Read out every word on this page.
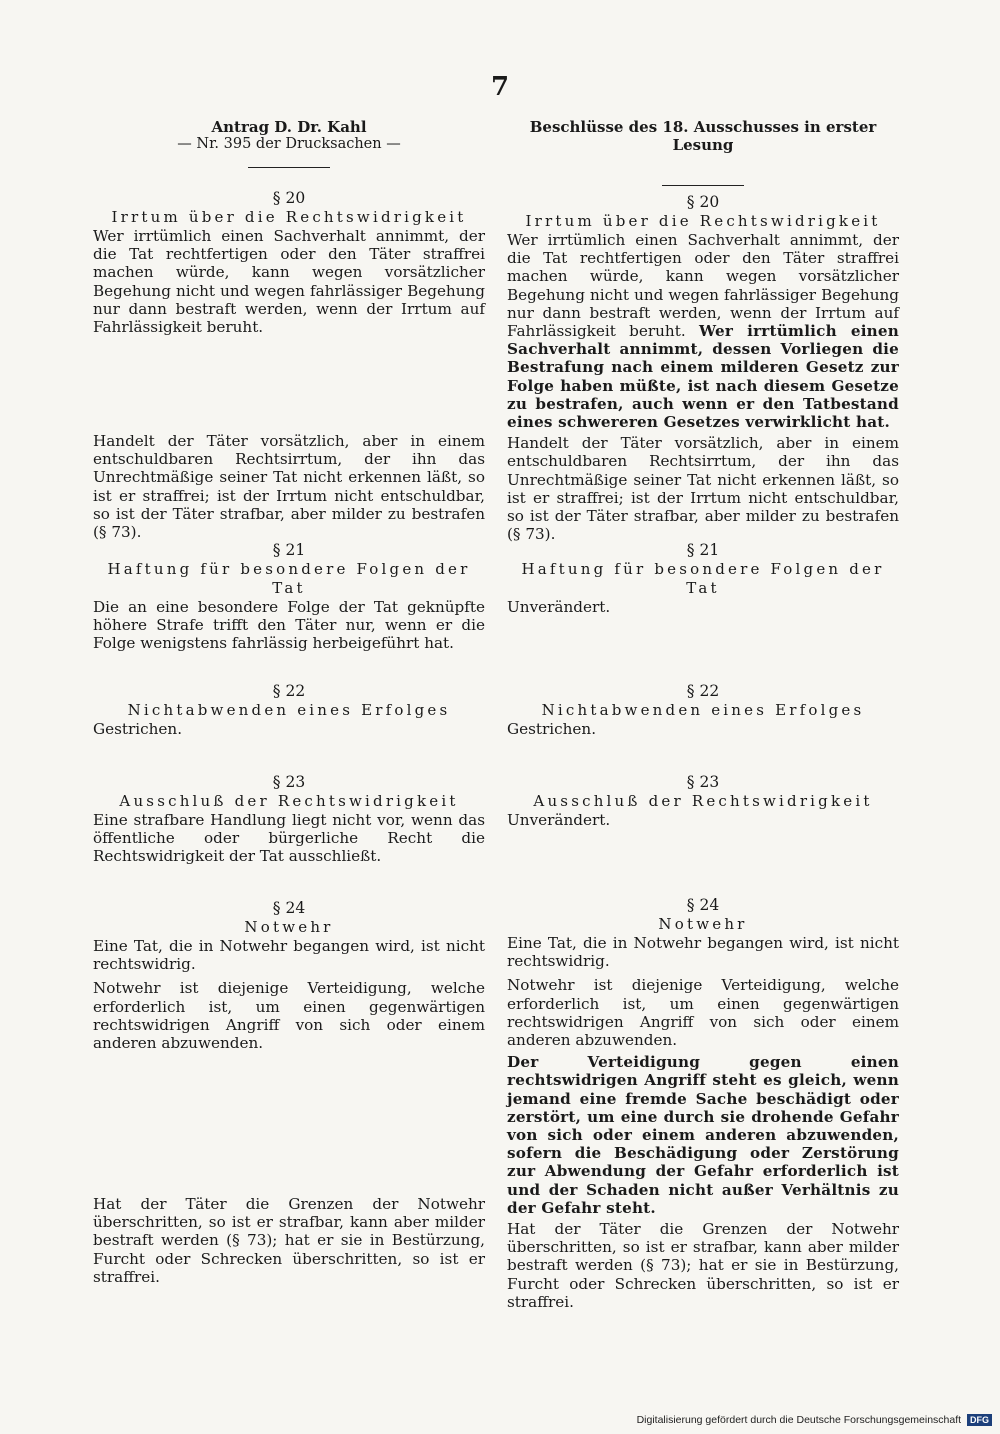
7
Antrag D. Dr. Kahl
— Nr. 395 der Drucksachen —
§ 20
Irrtum über die Rechtswidrigkeit

Wer irrtümlich einen Sachverhalt annimmt, der die Tat rechtfertigen oder den Täter straffrei machen würde, kann wegen vorsätzlicher Begehung nicht und wegen fahrlässiger Begehung nur dann bestraft werden, wenn der Irrtum auf Fahrlässigkeit beruht.

Handelt der Täter vorsätzlich, aber in einem entschuldbaren Rechtsirrtum, der ihn das Unrechtmäßige seiner Tat nicht erkennen läßt, so ist er straffrei; ist der Irrtum nicht entschuldbar, so ist der Täter strafbar, aber milder zu bestrafen (§ 73).

§ 21
Haftung für besondere Folgen der Tat

Die an eine besondere Folge der Tat geknüpfte höhere Strafe trifft den Täter nur, wenn er die Folge wenigstens fahrlässig herbeigeführt hat.

§ 22
Nichtabwenden eines Erfolges

Gestrichen.

§ 23
Ausschluß der Rechtswidrigkeit

Eine strafbare Handlung liegt nicht vor, wenn das öffentliche oder bürgerliche Recht die Rechtswidrigkeit der Tat ausschließt.

§ 24
Notwehr

Eine Tat, die in Notwehr begangen wird, ist nicht rechtswidrig.

Notwehr ist diejenige Verteidigung, welche erforderlich ist, um einen gegenwärtigen rechtswidrigen Angriff von sich oder einem anderen abzuwenden.

Hat der Täter die Grenzen der Notwehr überschritten, so ist er strafbar, kann aber milder bestraft werden (§ 73); hat er sie in Bestürzung, Furcht oder Schrecken überschritten, so ist er straffrei.

Beschlüsse des 18. Ausschusses in erster Lesung
§ 20
Irrtum über die Rechtswidrigkeit

Wer irrtümlich einen Sachverhalt annimmt, der die Tat rechtfertigen oder den Täter straffrei machen würde, kann wegen vorsätzlicher Begehung nicht und wegen fahrlässiger Begehung nur dann bestraft werden, wenn der Irrtum auf Fahrlässigkeit beruht. Wer irrtümlich einen Sachverhalt annimmt, dessen Vorliegen die Bestrafung nach einem milderen Gesetz zur Folge haben müßte, ist nach diesem Gesetze zu bestrafen, auch wenn er den Tatbestand eines schwereren Gesetzes verwirklicht hat.

Handelt der Täter vorsätzlich, aber in einem entschuldbaren Rechtsirrtum, der ihn das Unrechtmäßige seiner Tat nicht erkennen läßt, so ist er straffrei; ist der Irrtum nicht entschuldbar, so ist der Täter strafbar, aber milder zu bestrafen (§ 73).

§ 21
Haftung für besondere Folgen der Tat

Unverändert.

§ 22
Nichtabwenden eines Erfolges

Gestrichen.

§ 23
Ausschluß der Rechtswidrigkeit

Unverändert.

§ 24
Notwehr

Eine Tat, die in Notwehr begangen wird, ist nicht rechtswidrig.

Notwehr ist diejenige Verteidigung, welche erforderlich ist, um einen gegenwärtigen rechtswidrigen Angriff von sich oder einem anderen abzuwenden.

Der Verteidigung gegen einen rechtswidrigen Angriff steht es gleich, wenn jemand eine fremde Sache beschädigt oder zerstört, um eine durch sie drohende Gefahr von sich oder einem anderen abzuwenden, sofern die Beschädigung oder Zerstörung zur Abwendung der Gefahr erforderlich ist und der Schaden nicht außer Verhältnis zu der Gefahr steht.

Hat der Täter die Grenzen der Notwehr überschritten, so ist er strafbar, kann aber milder bestraft werden (§ 73); hat er sie in Bestürzung, Furcht oder Schrecken überschritten, so ist er straffrei.

Digitalisierung gefördert durch die Deutsche Forschungsgemeinschaft DFG
